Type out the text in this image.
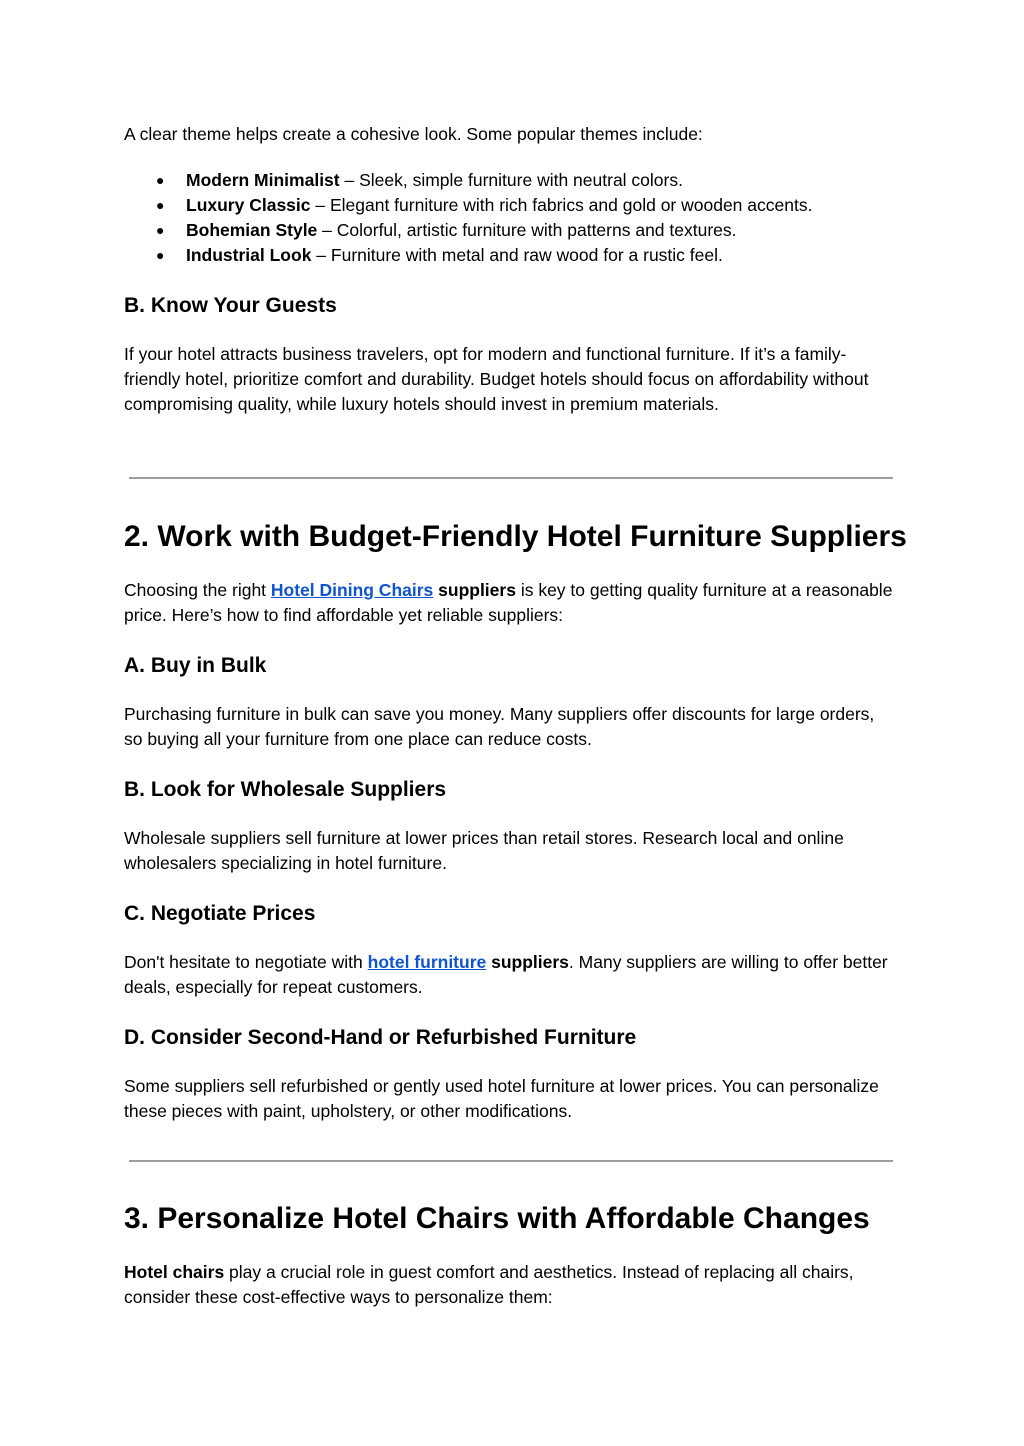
A clear theme helps create a cohesive look. Some popular themes include:

● Modern Minimalist – Sleek, simple furniture with neutral colors.
● Luxury Classic – Elegant furniture with rich fabrics and gold or wooden accents.
● Bohemian Style – Colorful, artistic furniture with patterns and textures.
● Industrial Look – Furniture with metal and raw wood for a rustic feel.
B. Know Your Guests

If your hotel attracts business travelers, opt for modern and functional furniture. If it’s a family-friendly hotel, prioritize comfort and durability. Budget hotels should focus on affordability without compromising quality, while luxury hotels should invest in premium materials.

2. Work with Budget-Friendly Hotel Furniture Suppliers

Choosing the right Hotel Dining Chairs suppliers is key to getting quality furniture at a reasonable price. Here’s how to find affordable yet reliable suppliers:

A. Buy in Bulk

Purchasing furniture in bulk can save you money. Many suppliers offer discounts for large orders, so buying all your furniture from one place can reduce costs.

B. Look for Wholesale Suppliers

Wholesale suppliers sell furniture at lower prices than retail stores. Research local and online wholesalers specializing in hotel furniture.

C. Negotiate Prices

Don't hesitate to negotiate with hotel furniture suppliers. Many suppliers are willing to offer better deals, especially for repeat customers.

D. Consider Second-Hand or Refurbished Furniture

Some suppliers sell refurbished or gently used hotel furniture at lower prices. You can personalize these pieces with paint, upholstery, or other modifications.

3. Personalize Hotel Chairs with Affordable Changes

Hotel chairs play a crucial role in guest comfort and aesthetics. Instead of replacing all chairs, consider these cost-effective ways to personalize them:
